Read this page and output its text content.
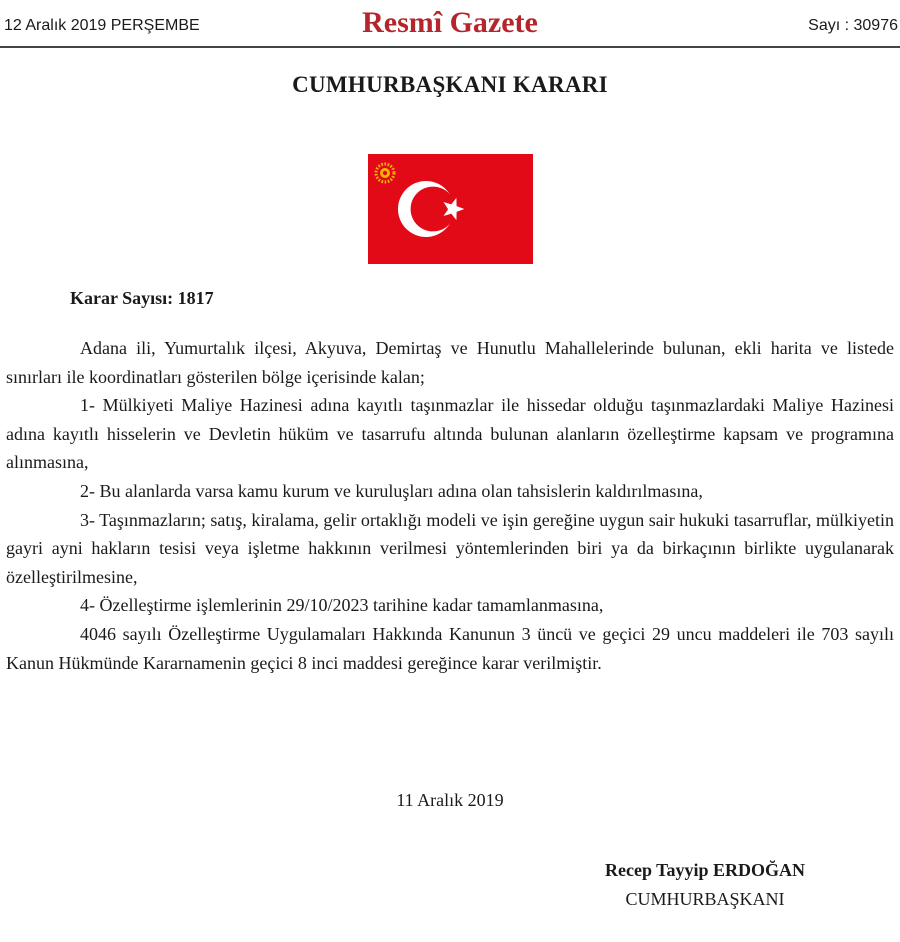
12 Aralık 2019 PERŞEMBE	Resmî Gazete	Sayı : 30976
CUMHURBAŞKANI KARARI
Karar Sayısı: 1817

Adana ili, Yumurtalık ilçesi, Akyuva, Demirtaş ve Hunutlu Mahallelerinde bulunan, ekli harita ve listede sınırları ile koordinatları gösterilen bölge içerisinde kalan;

1- Mülkiyeti Maliye Hazinesi adına kayıtlı taşınmazlar ile hissedar olduğu taşınmazlardaki Maliye Hazinesi adına kayıtlı hisselerin ve Devletin hüküm ve tasarrufu altında bulunan alanların özelleştirme kapsam ve programına alınmasına,

2- Bu alanlarda varsa kamu kurum ve kuruluşları adına olan tahsislerin kaldırılmasına,

3- Taşınmazların; satış, kiralama, gelir ortaklığı modeli ve işin gereğine uygun sair hukuki tasarruflar, mülkiyetin gayri ayni hakların tesisi veya işletme hakkının verilmesi yöntemlerinden biri ya da birkaçının birlikte uygulanarak özelleştirilmesine,

4- Özelleştirme işlemlerinin 29/10/2023 tarihine kadar tamamlanmasına,

4046 sayılı Özelleştirme Uygulamaları Hakkında Kanunun 3 üncü ve geçici 29 uncu maddeleri ile 703 sayılı Kanun Hükmünde Kararnamenin geçici 8 inci maddesi gereğince karar verilmiştir.

11 Aralık 2019
Recep Tayyip ERDOĞAN
CUMHURBAŞKANI
